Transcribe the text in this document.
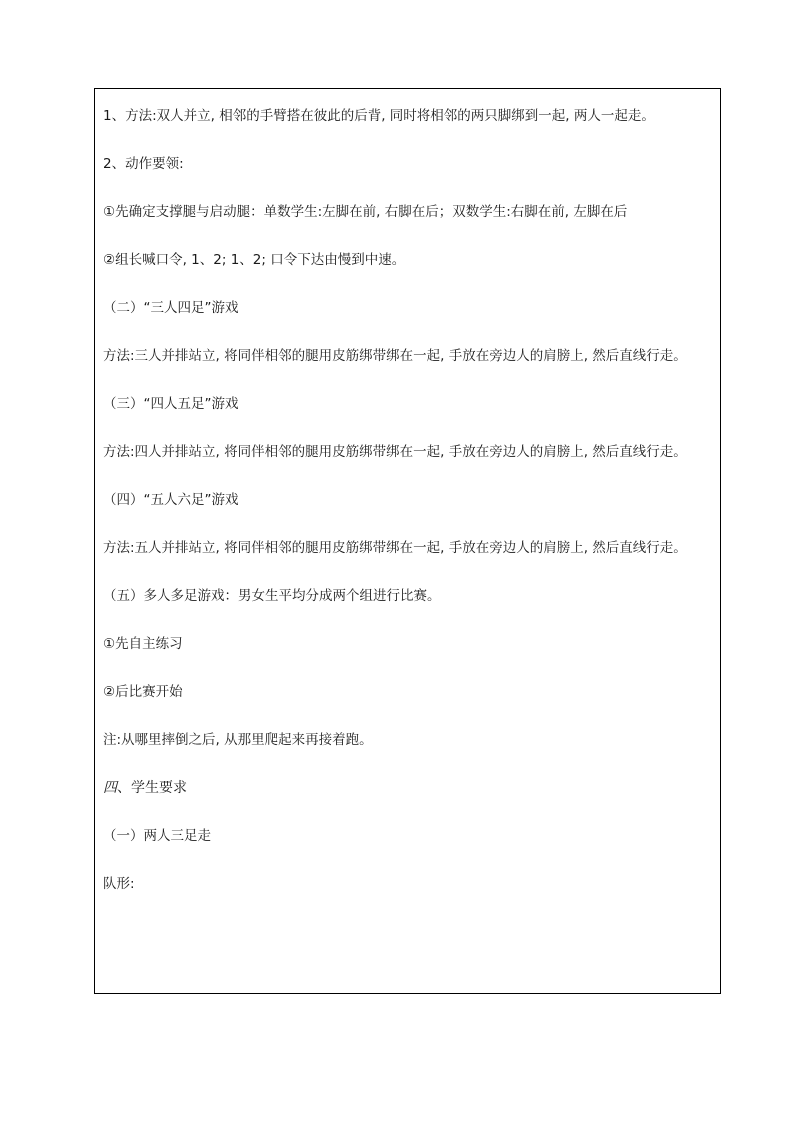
1、方法:双人并立, 相邻的手臂搭在彼此的后背, 同时将相邻的两只脚绑到一起, 两人一起走。

2、动作要领:

①先确定支撑腿与启动腿：单数学生:左脚在前, 右脚在后；双数学生:右脚在前, 左脚在后

②组长喊口令, 1、2; 1、2; 口令下达由慢到中速。

（二）“三人四足”游戏

方法:三人并排站立, 将同伴相邻的腿用皮筋绑带绑在一起, 手放在旁边人的肩膀上, 然后直线行走。

（三）“四人五足”游戏

方法:四人并排站立, 将同伴相邻的腿用皮筋绑带绑在一起, 手放在旁边人的肩膀上, 然后直线行走。

（四）“五人六足”游戏

方法:五人并排站立, 将同伴相邻的腿用皮筋绑带绑在一起, 手放在旁边人的肩膀上, 然后直线行走。

（五）多人多足游戏：男女生平均分成两个组进行比赛。

①先自主练习

②后比赛开始

注:从哪里摔倒之后, 从那里爬起来再接着跑。

四、学生要求

（一）两人三足走

队形:
